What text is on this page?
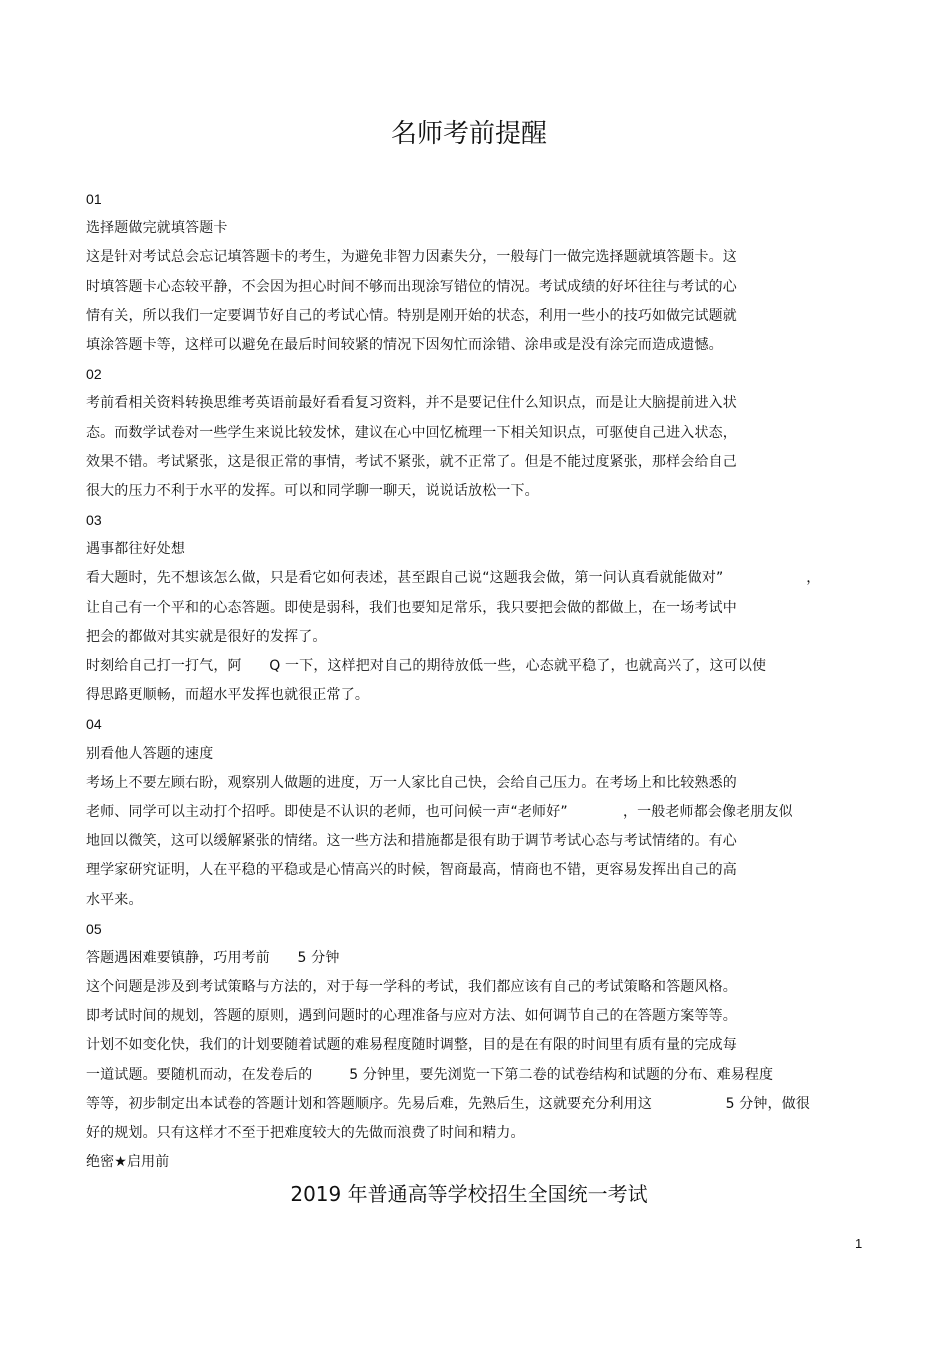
名师考前提醒
01
选择题做完就填答题卡
这是针对考试总会忘记填答题卡的考生，为避免非智力因素失分，一般每门一做完选择题就填答题卡。这
时填答题卡心态较平静，不会因为担心时间不够而出现涂写错位的情况。考试成绩的好坏往往与考试的心
情有关，所以我们一定要调节好自己的考试心情。特别是刚开始的状态，利用一些小的技巧如做完试题就
填涂答题卡等，这样可以避免在最后时间较紧的情况下因匆忙而涂错、涂串或是没有涂完而造成遗憾。
02
考前看相关资料转换思维考英语前最好看看复习资料，并不是要记住什么知识点，而是让大脑提前进入状
态。而数学试卷对一些学生来说比较发怵，建议在心中回忆梳理一下相关知识点，可驱使自己进入状态，
效果不错。考试紧张，这是很正常的事情，考试不紧张，就不正常了。但是不能过度紧张，那样会给自己
很大的压力不利于水平的发挥。可以和同学聊一聊天，说说话放松一下。
03
遇事都往好处想
看大题时，先不想该怎么做，只是看它如何表述，甚至跟自己说“这题我会做，第一问认真看就能做对”                  ，
让自己有一个平和的心态答题。即使是弱科，我们也要知足常乐，我只要把会做的都做上，在一场考试中
把会的都做对其实就是很好的发挥了。
时刻给自己打一打气，阿      Q 一下，这样把对自己的期待放低一些，心态就平稳了，也就高兴了，这可以使
得思路更顺畅，而超水平发挥也就很正常了。
04
别看他人答题的速度
考场上不要左顾右盼，观察别人做题的进度，万一人家比自己快，会给自己压力。在考场上和比较熟悉的
老师、同学可以主动打个招呼。即使是不认识的老师，也可问候一声“老师好”            ，一般老师都会像老朋友似
地回以微笑，这可以缓解紧张的情绪。这一些方法和措施都是很有助于调节考试心态与考试情绪的。有心
理学家研究证明，人在平稳的平稳或是心情高兴的时候，智商最高，情商也不错，更容易发挥出自己的高
水平来。
05
答题遇困难要镇静，巧用考前      5 分钟
这个问题是涉及到考试策略与方法的，对于每一学科的考试，我们都应该有自己的考试策略和答题风格。
即考试时间的规划，答题的原则，遇到问题时的心理准备与应对方法、如何调节自己的在答题方案等等。
计划不如变化快，我们的计划要随着试题的难易程度随时调整，目的是在有限的时间里有质有量的完成每
一道试题。要随机而动，在发卷后的        5 分钟里，要先浏览一下第二卷的试卷结构和试题的分布、难易程度
等等，初步制定出本试卷的答题计划和答题顺序。先易后难，先熟后生，这就要充分利用这                5 分钟，做很
好的规划。只有这样才不至于把难度较大的先做而浪费了时间和精力。
绝密★启用前
2019 年普通高等学校招生全国统一考试
1
